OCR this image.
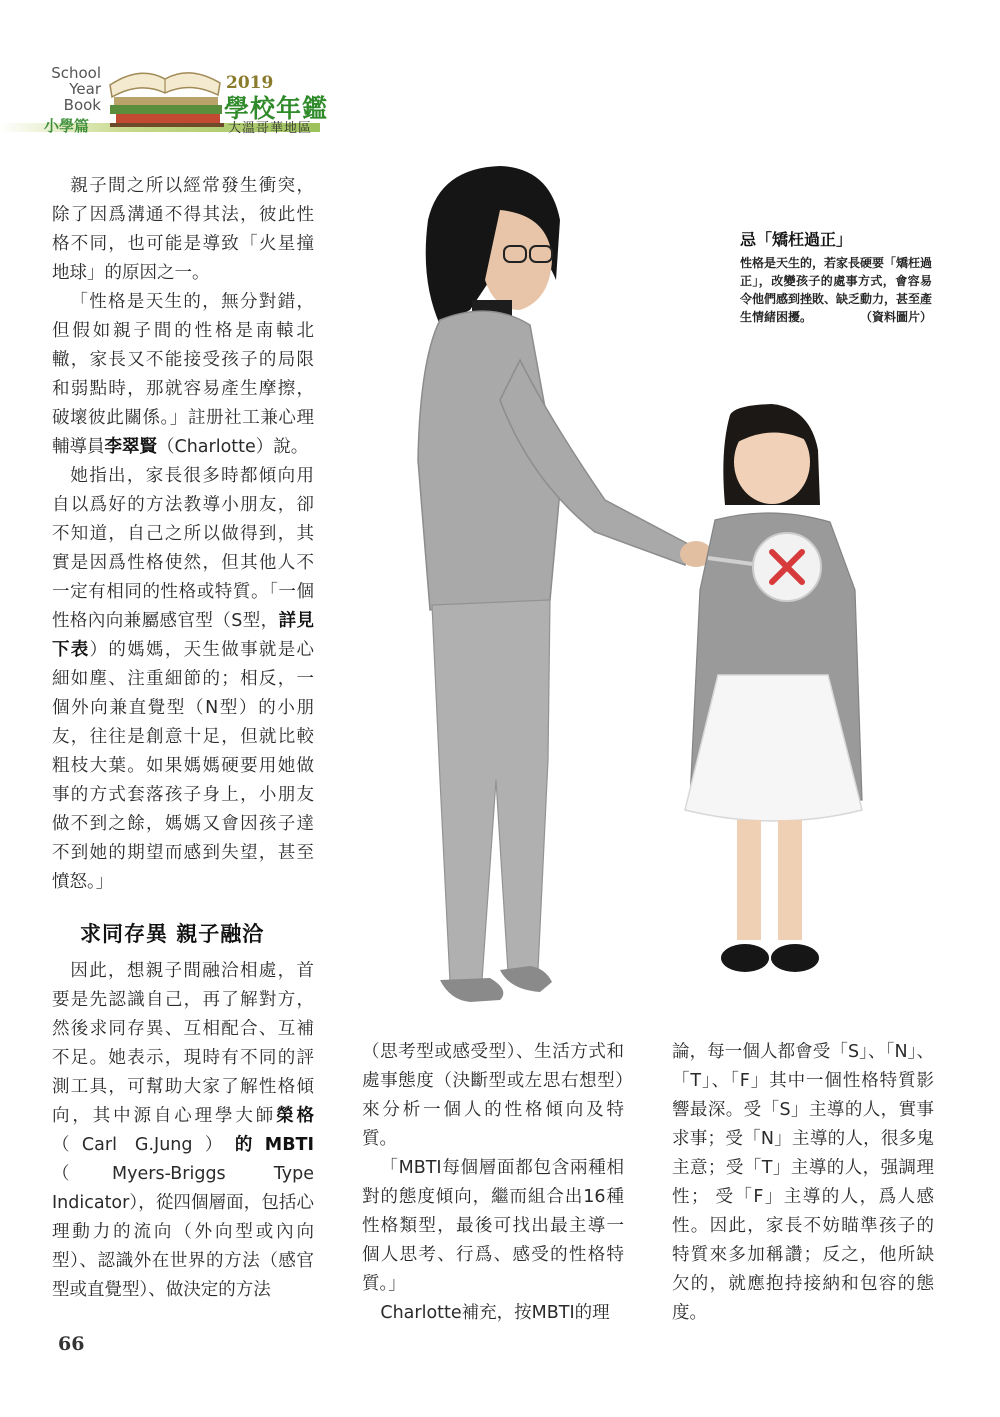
School
Year
Book
小學篇
2019
學校年鑑
大溫哥華地區

親子間之所以經常發生衝突，除了因爲溝通不得其法，彼此性格不同，也可能是導致「火星撞地球」的原因之一。

「性格是天生的，無分對錯，但假如親子間的性格是南轅北轍，家長又不能接受孩子的局限和弱點時，那就容易產生摩擦，破壞彼此關係。」註册社工兼心理輔導員李翠賢（Charlotte）說。

她指出，家長很多時都傾向用自以爲好的方法教導小朋友，卻不知道，自己之所以做得到，其實是因爲性格使然，但其他人不一定有相同的性格或特質。「一個性格內向兼屬感官型（S型，詳見下表）的媽媽，天生做事就是心細如塵、注重細節的；相反，一個外向兼直覺型（N型）的小朋友，往往是創意十足，但就比較粗枝大葉。如果媽媽硬要用她做事的方式套落孩子身上，小朋友做不到之餘，媽媽又會因孩子達不到她的期望而感到失望，甚至憤怒。」

求同存異 親子融洽

因此，想親子間融洽相處，首要是先認識自己，再了解對方，然後求同存異、互相配合、互補不足。她表示，現時有不同的評測工具，可幫助大家了解性格傾向，其中源自心理學大師榮格（Carl G.Jung）的MBTI（Myers-Briggs Type Indicator），從四個層面，包括心理動力的流向（外向型或內向型）、認識外在世界的方法（感官型或直覺型）、做決定的方法

忌「矯枉過正」

性格是天生的，若家長硬要「矯枉過正」，改變孩子的處事方式，會容易令他們感到挫敗、缺乏動力，甚至產生情緒困擾。	（資料圖片）

（思考型或感受型）、生活方式和處事態度（決斷型或左思右想型）來分析一個人的性格傾向及特質。

「MBTI每個層面都包含兩種相對的態度傾向，繼而組合出16種性格類型，最後可找出最主導一個人思考、行爲、感受的性格特質。」

Charlotte補充，按MBTI的理

論，每一個人都會受「S」、「N」、「T」、「F」其中一個性格特質影響最深。受「S」主導的人，實事求事；受「N」主導的人，很多鬼主意；受「T」主導的人，强調理性； 受「F」主導的人，爲人感性。因此，家長不妨瞄準孩子的特質來多加稱讚；反之，他所缺欠的，就應抱持接納和包容的態度。

66
